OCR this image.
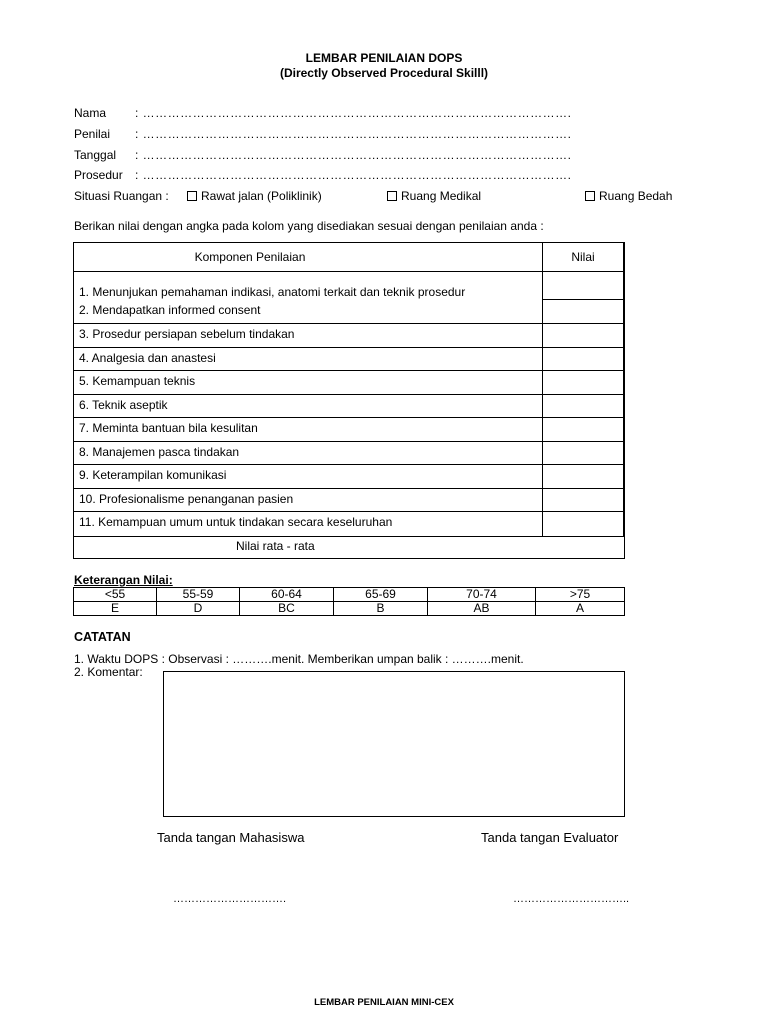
LEMBAR PENILAIAN DOPS
(Directly Observed Procedural Skilll)
Nama : ………………………………………………………………………………………….
Penilai : ………………………………………………………………………………………….
Tanggal : ………………………………………………………………………………………….
Prosedur : ………………………………………………………………………………………….
Situasi Ruangan :	Rawat jalan (Poliklinik)	Ruang Medikal	Ruang Bedah
Berikan nilai dengan angka pada kolom yang disediakan sesuai dengan penilaian anda :
Komponen Penilaian	Nilai
1. Menunjukan pemahaman indikasi, anatomi terkait dan teknik prosedur
2. Mendapatkan informed consent
3. Prosedur persiapan sebelum tindakan
4. Analgesia dan anastesi
5. Kemampuan teknis
6. Teknik aseptik
7. Meminta bantuan bila kesulitan
8. Manajemen pasca tindakan
9. Keterampilan komunikasi
10. Profesionalisme penanganan pasien
11. Kemampuan umum untuk tindakan secara keseluruhan
Nilai rata - rata
Keterangan Nilai:
<55	55-59	60-64	65-69	70-74	>75
E	D	BC	B	AB	A
CATATAN
1. Waktu DOPS : Observasi : ……….menit. Memberikan umpan balik : ……….menit.
2. Komentar:
Tanda tangan Mahasiswa	Tanda tangan Evaluator
………………………….	…………………………..
LEMBAR PENILAIAN MINI-CEX
